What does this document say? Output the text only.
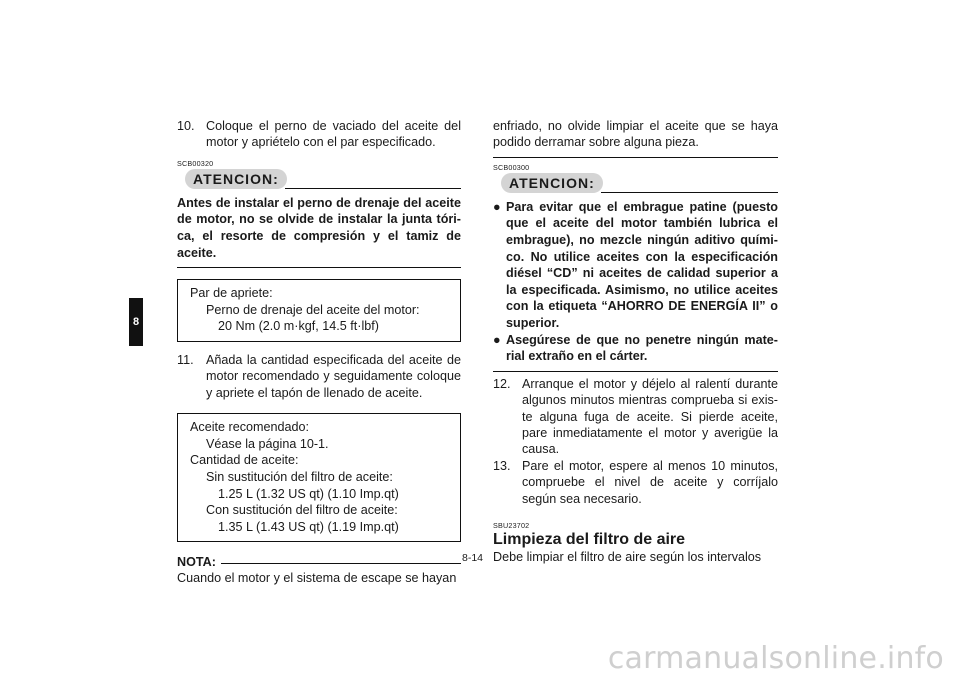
8
10. Coloque el perno de vaciado del aceite del motor y apriételo con el par especificado.
SCB00320
ATENCION:
Antes de instalar el perno de drenaje del aceite de motor, no se olvide de instalar la junta tóri-ca, el resorte de compresión y el tamiz de aceite.
Par de apriete:
Perno de drenaje del aceite del motor:
20 Nm (2.0 m·kgf, 14.5 ft·lbf)
11. Añada la cantidad especificada del aceite de motor recomendado y seguidamente coloque y apriete el tapón de llenado de aceite.
Aceite recomendado:
Véase la página 10-1.
Cantidad de aceite:
Sin sustitución del filtro de aceite:
1.25 L (1.32 US qt) (1.10 Imp.qt)
Con sustitución del filtro de aceite:
1.35 L (1.43 US qt) (1.19 Imp.qt)
NOTA:
Cuando el motor y el sistema de escape se hayan
enfriado, no olvide limpiar el aceite que se haya podido derramar sobre alguna pieza.
SCB00300
ATENCION:
● Para evitar que el embrague patine (puesto que el aceite del motor también lubrica el embrague), no mezcle ningún aditivo quími-co. No utilice aceites con la especificación diésel “CD” ni aceites de calidad superior a la especificada. Asimismo, no utilice aceites con la etiqueta “AHORRO DE ENERGÍA II” o superior.
● Asegúrese de que no penetre ningún mate-rial extraño en el cárter.
12. Arranque el motor y déjelo al ralentí durante algunos minutos mientras comprueba si exis-te alguna fuga de aceite. Si pierde aceite, pare inmediatamente el motor y averigüe la causa.
13. Pare el motor, espere al menos 10 minutos, compruebe el nivel de aceite y corríjalo según sea necesario.
SBU23702
Limpieza del filtro de aire
Debe limpiar el filtro de aire según los intervalos
8-14
carmanualsonline.info
